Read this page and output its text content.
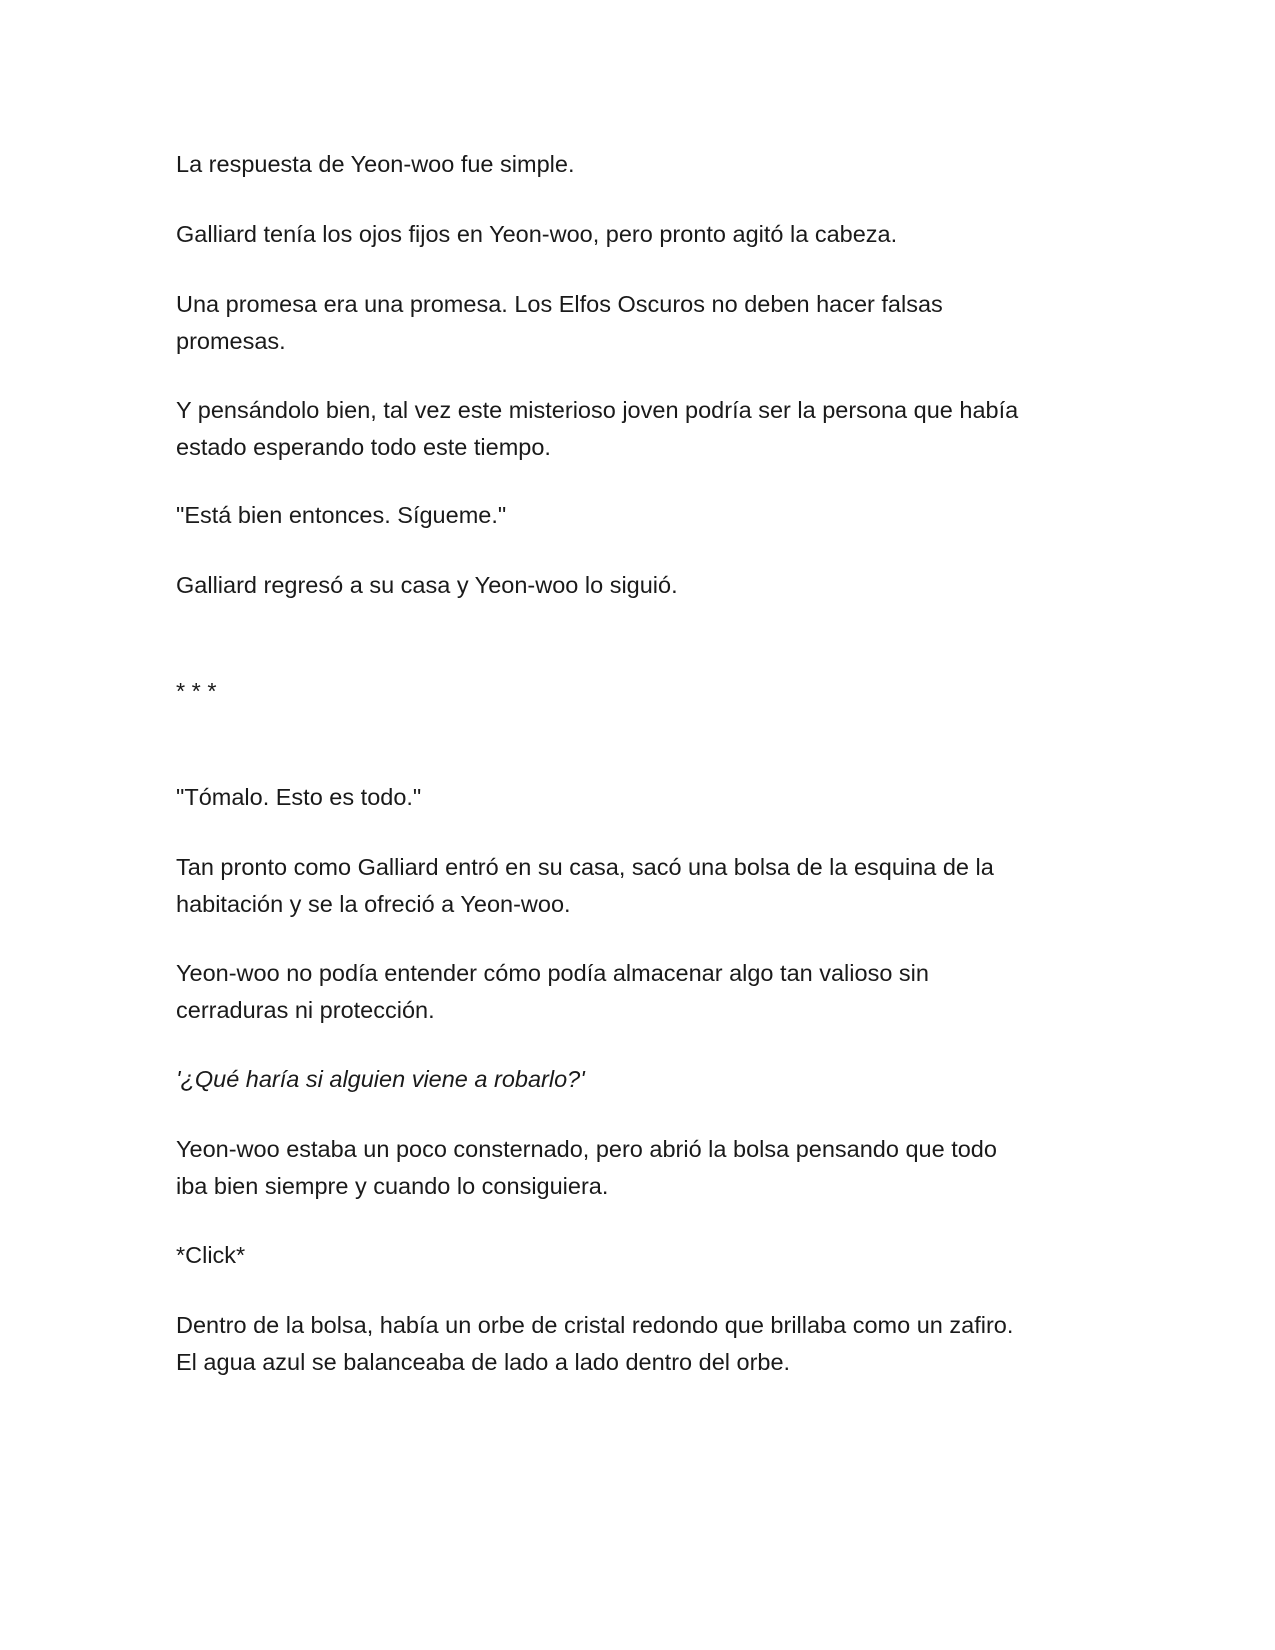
La respuesta de Yeon-woo fue simple.

Galliard tenía los ojos fijos en Yeon-woo, pero pronto agitó la cabeza.

Una promesa era una promesa. Los Elfos Oscuros no deben hacer falsas
promesas.

Y pensándolo bien, tal vez este misterioso joven podría ser la persona que había
estado esperando todo este tiempo.

"Está bien entonces. Sígueme."

Galliard regresó a su casa y Yeon-woo lo siguió.

* * *

"Tómalo. Esto es todo."

Tan pronto como Galliard entró en su casa, sacó una bolsa de la esquina de la
habitación y se la ofreció a Yeon-woo.

Yeon-woo no podía entender cómo podía almacenar algo tan valioso sin
cerraduras ni protección.

'¿Qué haría si alguien viene a robarlo?'

Yeon-woo estaba un poco consternado, pero abrió la bolsa pensando que todo
iba bien siempre y cuando lo consiguiera.

*Click*

Dentro de la bolsa, había un orbe de cristal redondo que brillaba como un zafiro.
El agua azul se balanceaba de lado a lado dentro del orbe.
